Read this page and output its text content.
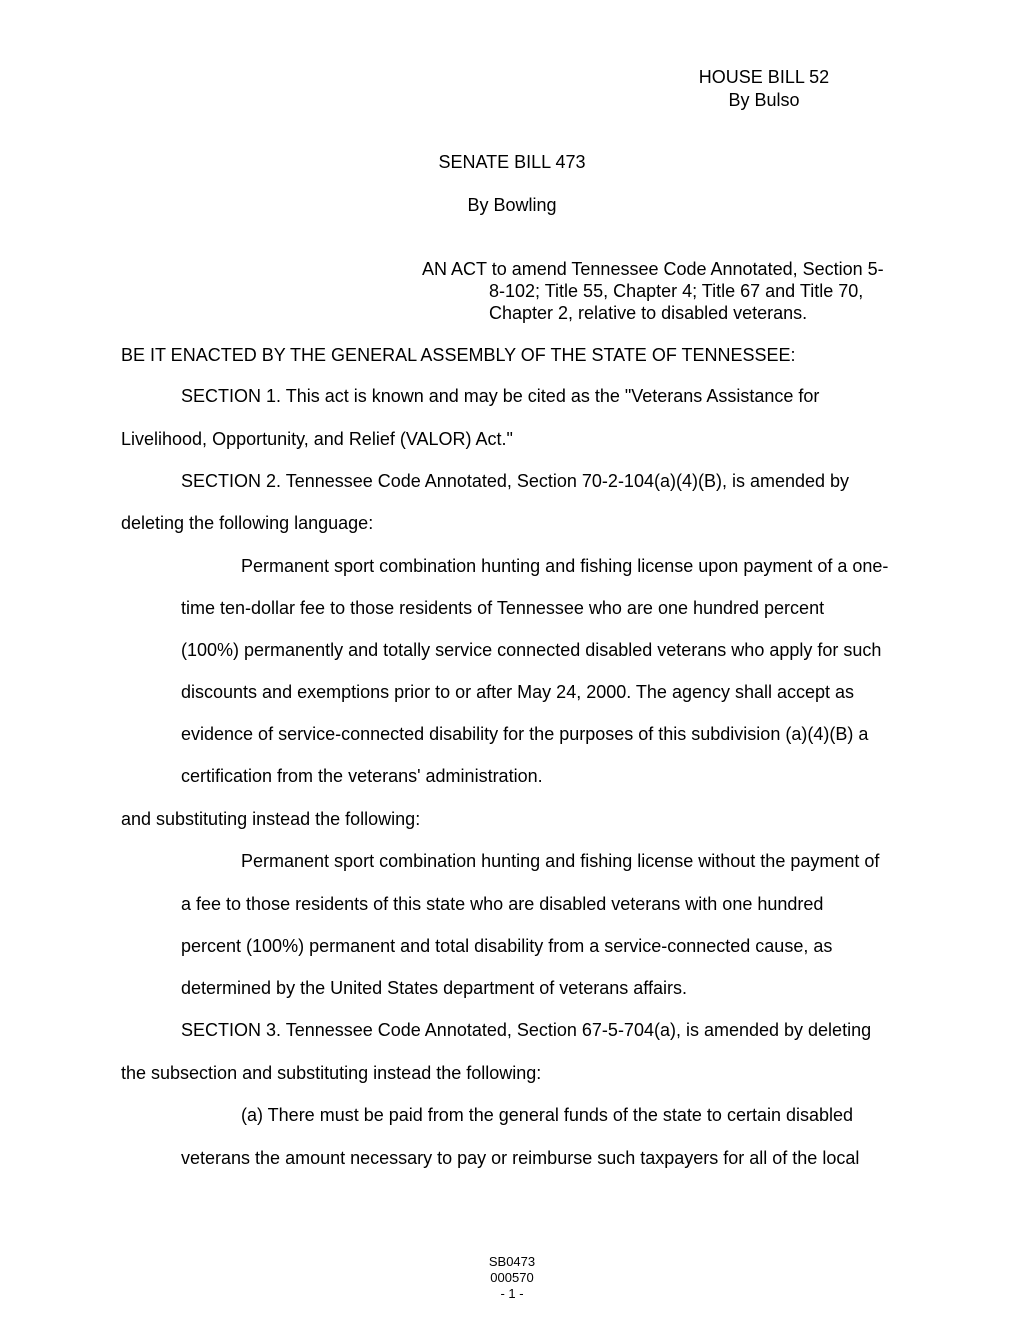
HOUSE BILL 52
By Bulso
SENATE BILL 473
By Bowling
AN ACT to amend Tennessee Code Annotated, Section 5-
8-102; Title 55, Chapter 4; Title 67 and Title 70,
Chapter 2, relative to disabled veterans.
BE IT ENACTED BY THE GENERAL ASSEMBLY OF THE STATE OF TENNESSEE:
SECTION 1. This act is known and may be cited as the "Veterans Assistance for
Livelihood, Opportunity, and Relief (VALOR) Act."
SECTION 2. Tennessee Code Annotated, Section 70-2-104(a)(4)(B), is amended by
deleting the following language:
Permanent sport combination hunting and fishing license upon payment of a one-
time ten-dollar fee to those residents of Tennessee who are one hundred percent
(100%) permanently and totally service connected disabled veterans who apply for such
discounts and exemptions prior to or after May 24, 2000. The agency shall accept as
evidence of service-connected disability for the purposes of this subdivision (a)(4)(B) a
certification from the veterans' administration.
and substituting instead the following:
Permanent sport combination hunting and fishing license without the payment of
a fee to those residents of this state who are disabled veterans with one hundred
percent (100%) permanent and total disability from a service-connected cause, as
determined by the United States department of veterans affairs.
SECTION 3. Tennessee Code Annotated, Section 67-5-704(a), is amended by deleting
the subsection and substituting instead the following:
(a) There must be paid from the general funds of the state to certain disabled
veterans the amount necessary to pay or reimburse such taxpayers for all of the local
SB0473
000570
- 1 -
